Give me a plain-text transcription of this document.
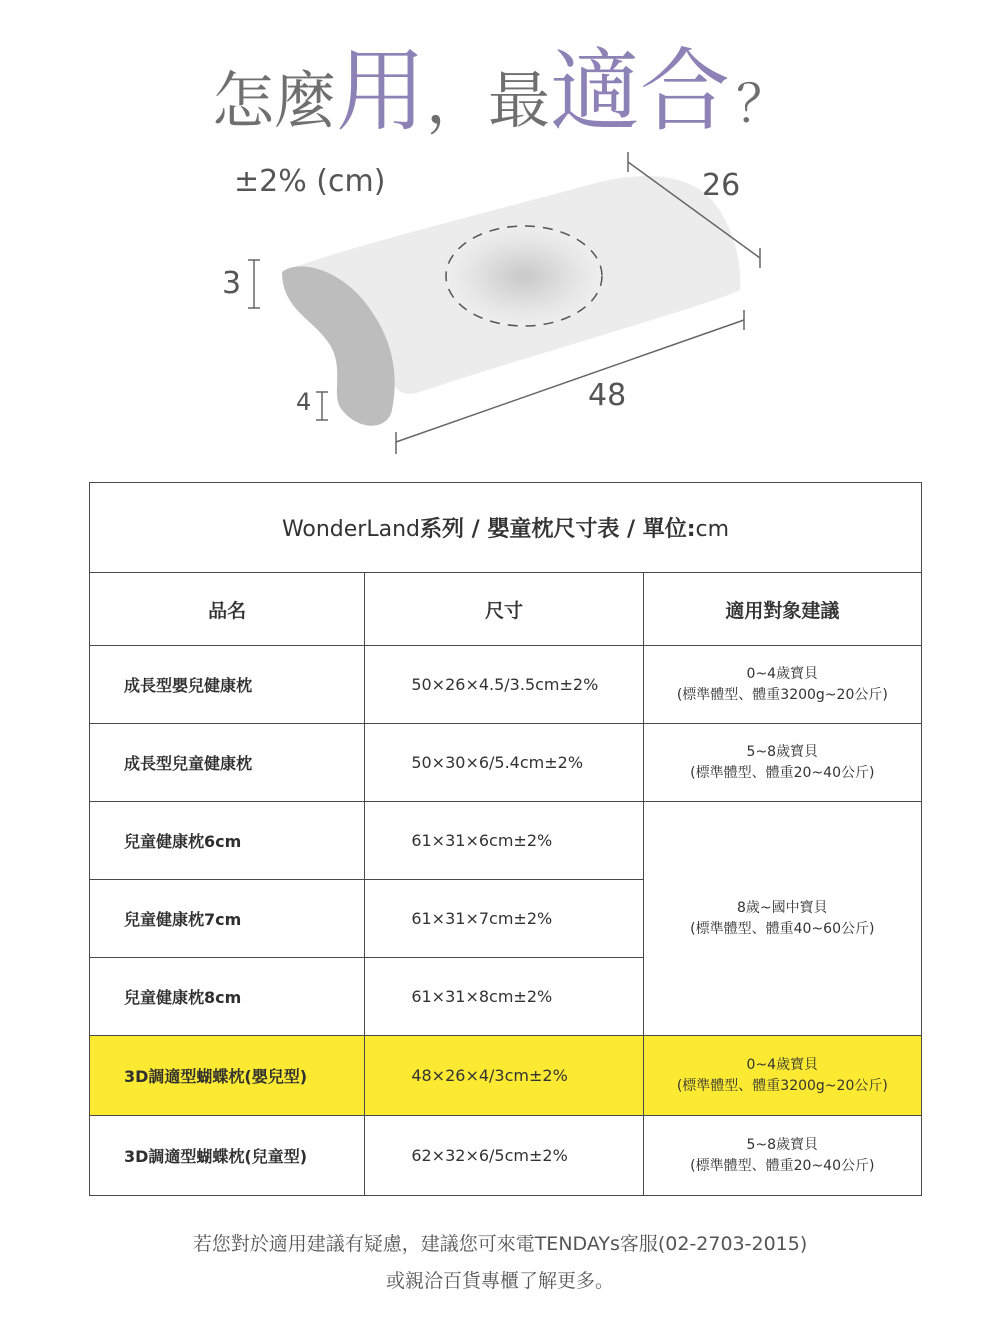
怎麼用，最適合 ？
±2% (cm)	26
48
3
4
WonderLand系列 / 嬰童枕尺寸表 / 單位:cm		
品名	尺寸	適用對象建議
成長型嬰兒健康枕	50×26×4.5/3.5cm±2%	0~4歲寶貝
(標準體型、體重3200g~20公斤)

成長型兒童健康枕	50×30×6/5.4cm±2%	5~8歲寶貝
(標準體型、體重20~40公斤)

兒童健康枕6cm	61×31×6cm±2%	8歲~國中寶貝
(標準體型、體重40~60公斤)

兒童健康枕7cm	61×31×7cm±2%	
兒童健康枕8cm	61×31×8cm±2%	
3D調適型蝴蝶枕(嬰兒型)	48×26×4/3cm±2%	0~4歲寶貝
(標準體型、體重3200g~20公斤)

3D調適型蝴蝶枕(兒童型)	62×32×6/5cm±2%	5~8歲寶貝
(標準體型、體重20~40公斤)
若您對於適用建議有疑慮，建議您可來電TENDAYs客服(02-2703-2015)
或親洽百貨專櫃了解更多。
